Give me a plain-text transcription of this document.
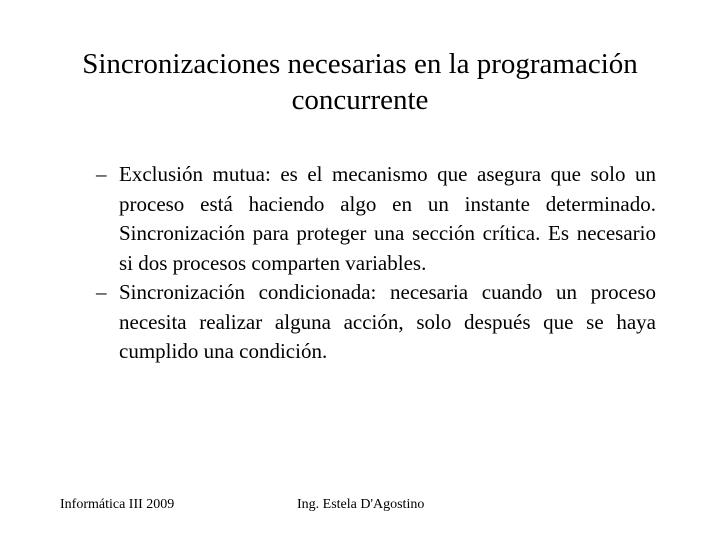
Sincronizaciones necesarias en la programación concurrente
– Exclusión mutua: es el mecanismo que asegura que solo un proceso está haciendo algo en un instante determinado. Sincronización para proteger una sección crítica. Es necesario si dos procesos comparten variables.
– Sincronización condicionada: necesaria cuando un proceso necesita realizar alguna acción, solo después que se haya cumplido una condición.
Informática III 2009	Ing. Estela D'Agostino
